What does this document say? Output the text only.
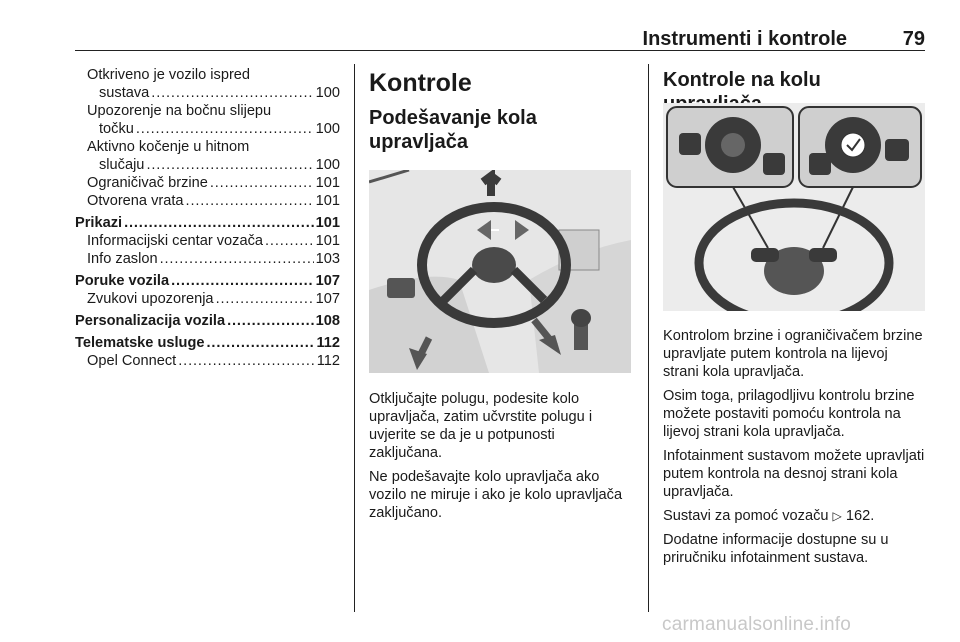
Instrumenti i kontrole	79
Otkriveno je vozilo ispred
sustava . . .	100
Upozorenje na bočnu slijepu
točku . . .	100
Aktivno kočenje u hitnom
slučaju . . .	100
Ograničivač brzine . . .	101
Otvorena vrata . . .	101
Prikazi . . .	101
Informacijski centar vozača . . .	101
Info zaslon . . .	103
Poruke vozila . . .	107
Zvukovi upozorenja . . .	107
Personalizacija vozila . . .	108
Telematske usluge . . .	112
Opel Connect . . .	112
Kontrole
Podešavanje kola upravljača

Otključajte polugu, podesite kolo upravljača, zatim učvrstite polugu i uvjerite se da je u potpunosti zaključana.

Ne podešavajte kolo upravljača ako vozilo ne miruje i ako je kolo upravljača zaključano.

Kontrole na kolu

Kontrolom brzine i ograničivačem brzine upravljate putem kontrola na lijevoj strani kola upravljača.

Osim toga, prilagodljivu kontrolu brzine možete postaviti pomoću kontrola na lijevoj strani kola upravljača.

Infotainment sustavom možete upravljati putem kontrola na desnoj strani kola upravljača.

Sustavi za pomoć vozaču ▷ 162.

Dodatne informacije dostupne su u priručniku infotainment sustava.

carmanualsonline.info
